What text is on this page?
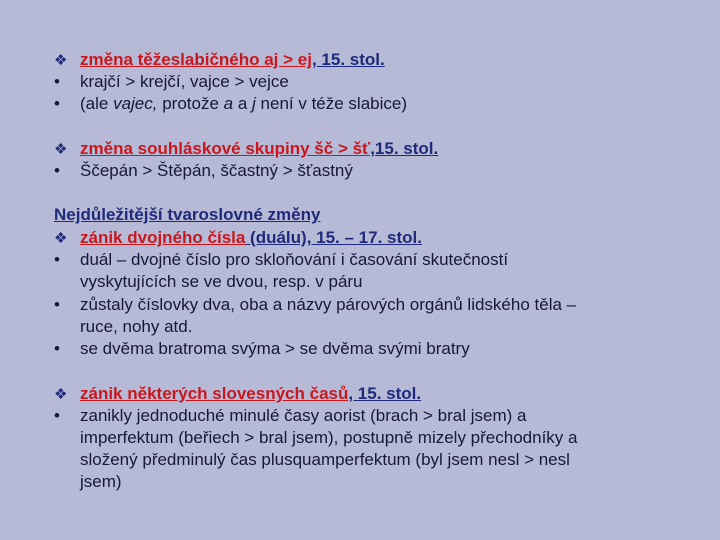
❖ změna těžeslabičného aj > ej, 15. stol.
• krajčí > krejčí, vajce > vejce
• (ale vajec, protože a a j není v téže slabice)
❖ změna souhláskové skupiny šč > šť,15. stol.
• Ščepán > Štěpán, ščastný > šťastný
Nejdůležitější tvaroslovné změny
❖ zánik dvojného čísla (duálu), 15. – 17. stol.
• duál – dvojné číslo pro skloňování i časování skutečností
vyskytujících se ve dvou, resp. v páru
• zůstaly číslovky dva, oba a názvy párových orgánů lidského těla –
ruce, nohy atd.
• se dvěma bratroma svýma > se dvěma svými bratry
❖ zánik některých slovesných časů, 15. stol.
• zanikly jednoduché minulé časy aorist (brach > bral jsem) a
imperfektum (beřiech > bral jsem), postupně mizely přechodníky a
složený předminulý čas plusquamperfektum (byl jsem nesl > nesl
jsem)
